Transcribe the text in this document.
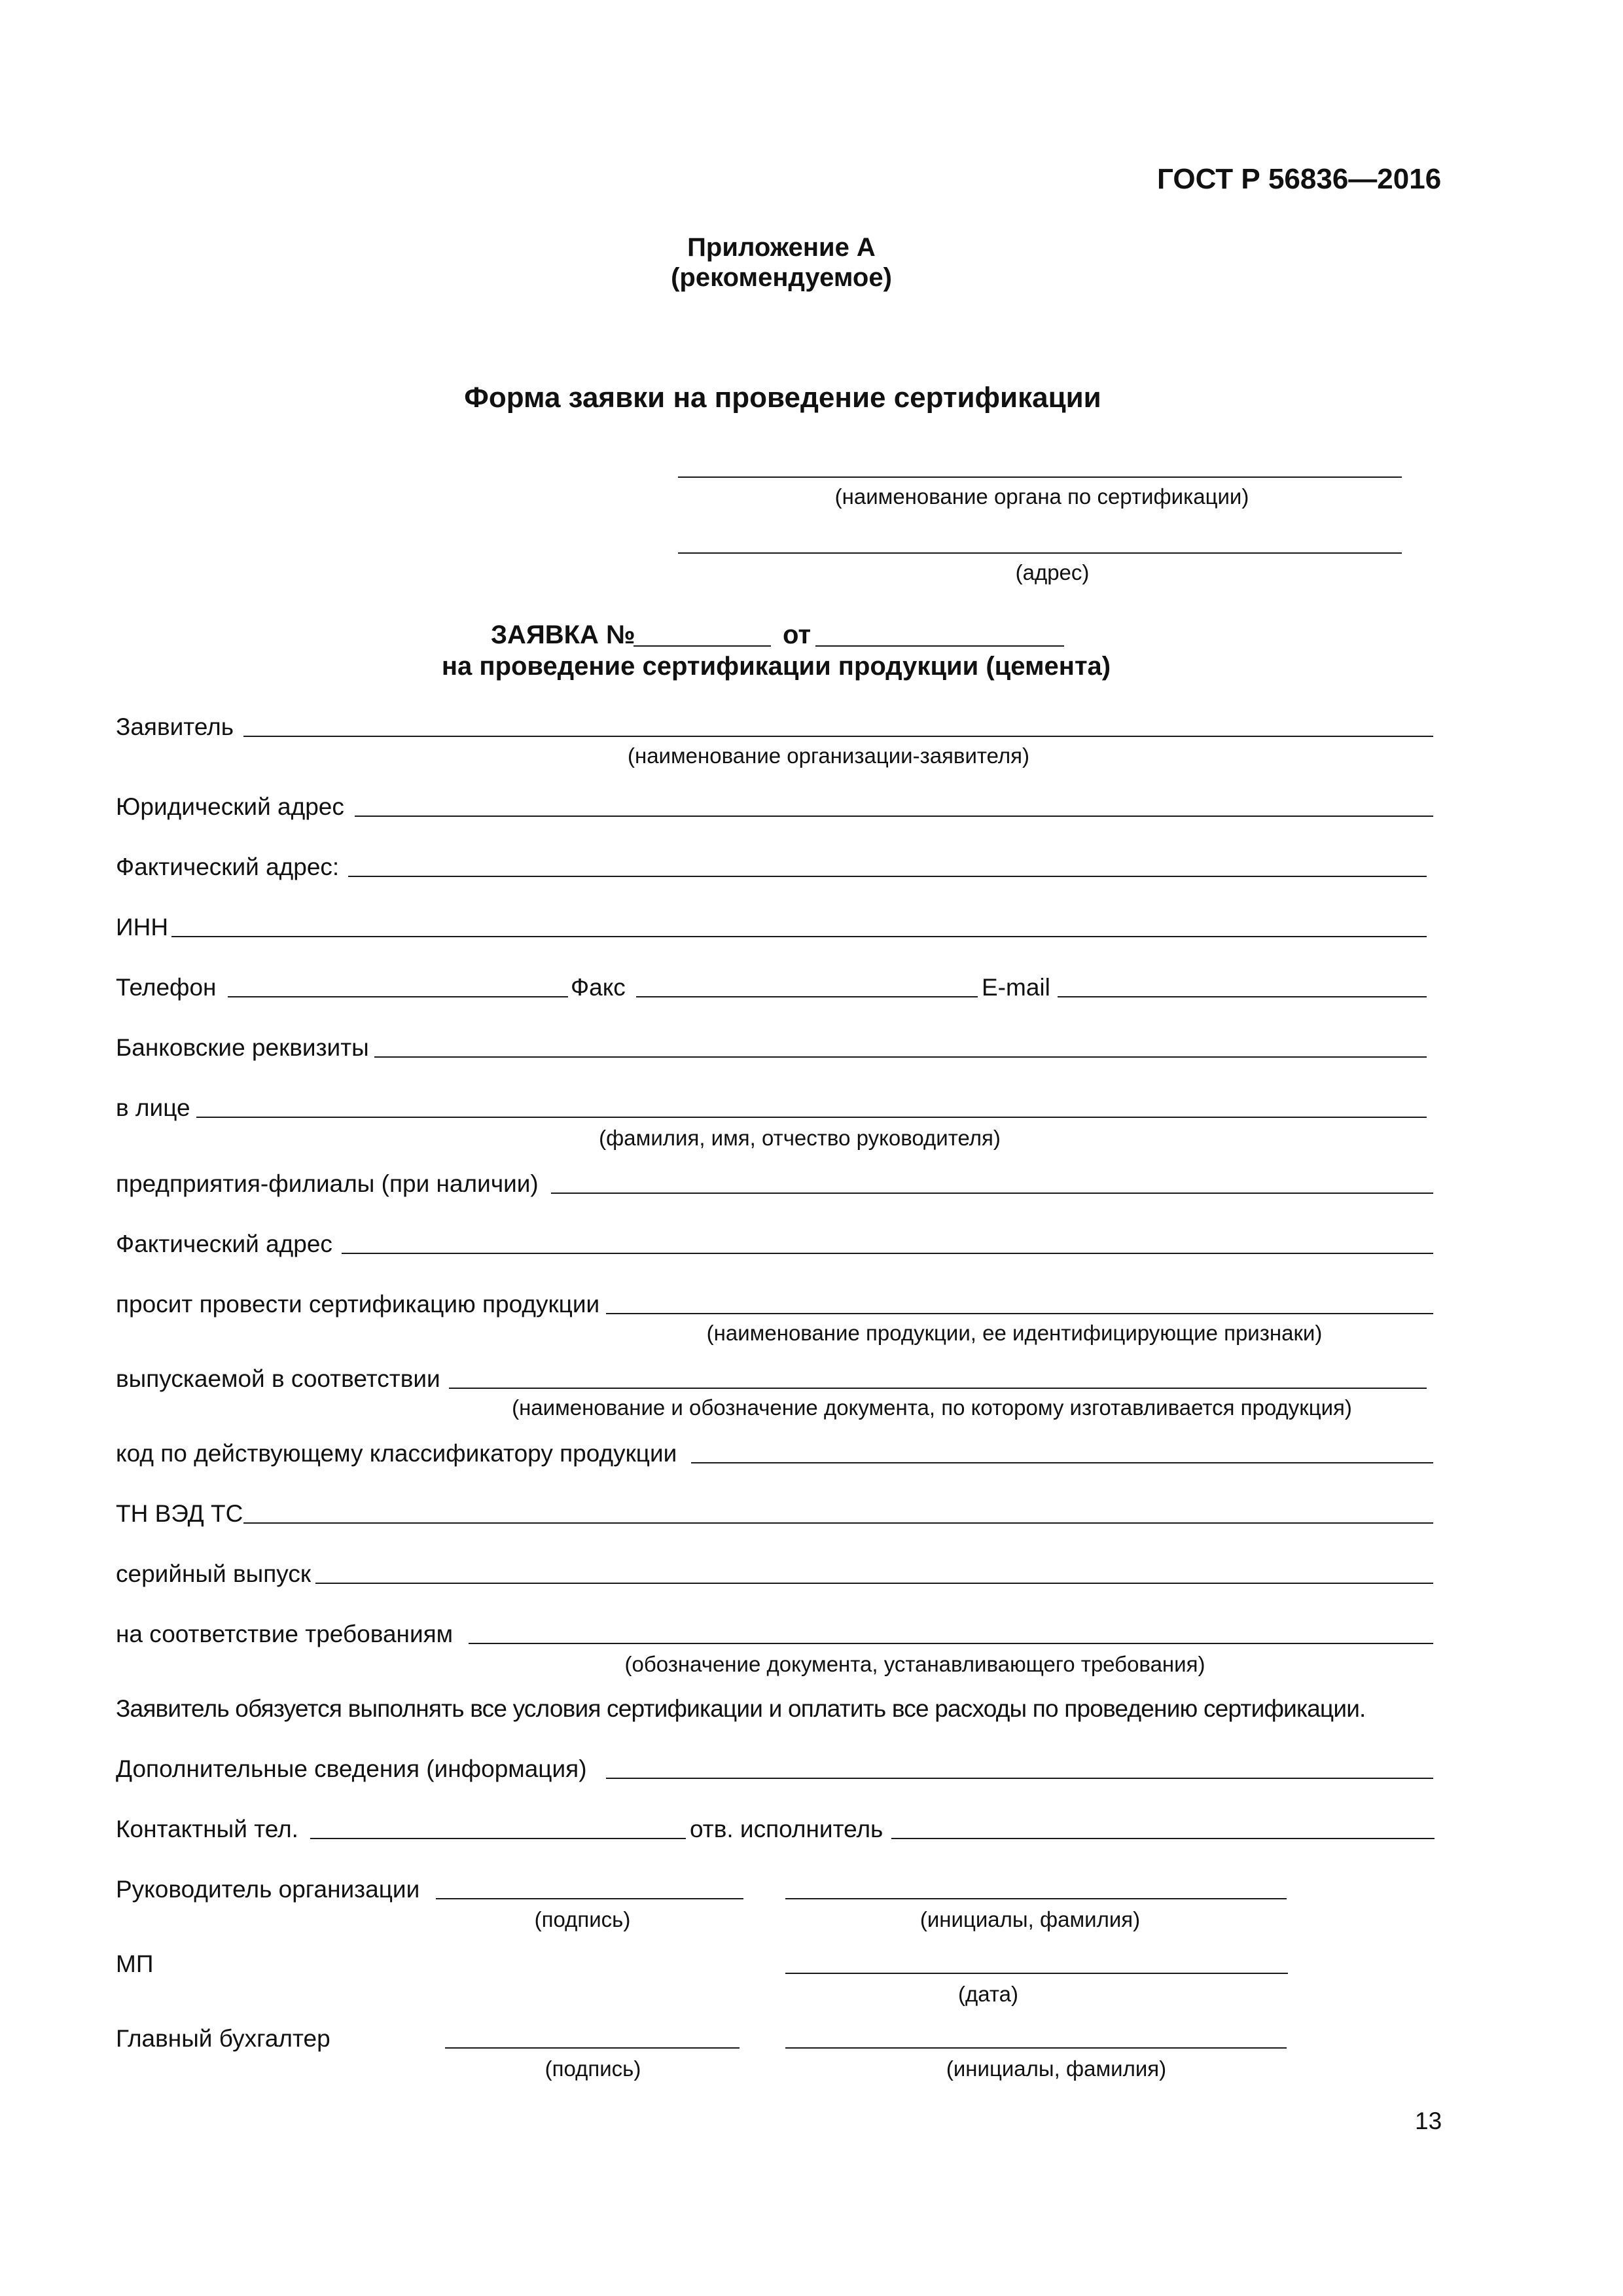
ГОСТ Р 56836—2016
Приложение А
(рекомендуемое)
Форма заявки на проведение сертификации
(наименование органа по сертификации)
(адрес)
ЗАЯВКА №	от
на проведение сертификации продукции (цемента)
Заявитель
(наименование организации-заявителя)
Юридический адрес
Фактический адрес:
ИНН
Телефон	Факс	E-mail
Банковские реквизиты
в лице
(фамилия, имя, отчество руководителя)
предприятия-филиалы (при наличии)
Фактический адрес
просит провести сертификацию продукции
(наименование продукции, ее идентифицирующие признаки)
выпускаемой в соответствии
(наименование и обозначение документа, по которому изготавливается продукция)
код по действующему классификатору продукции
ТН ВЭД ТС
серийный выпуск
на соответствие требованиям
(обозначение документа, устанавливающего требования)
Заявитель обязуется выполнять все условия сертификации и оплатить все расходы по проведению сертификации.
Дополнительные сведения (информация)
Контактный тел.	отв. исполнитель
Руководитель организации
(подпись)	(инициалы, фамилия)
МП
(дата)
Главный бухгалтер
(подпись)	(инициалы, фамилия)
13
